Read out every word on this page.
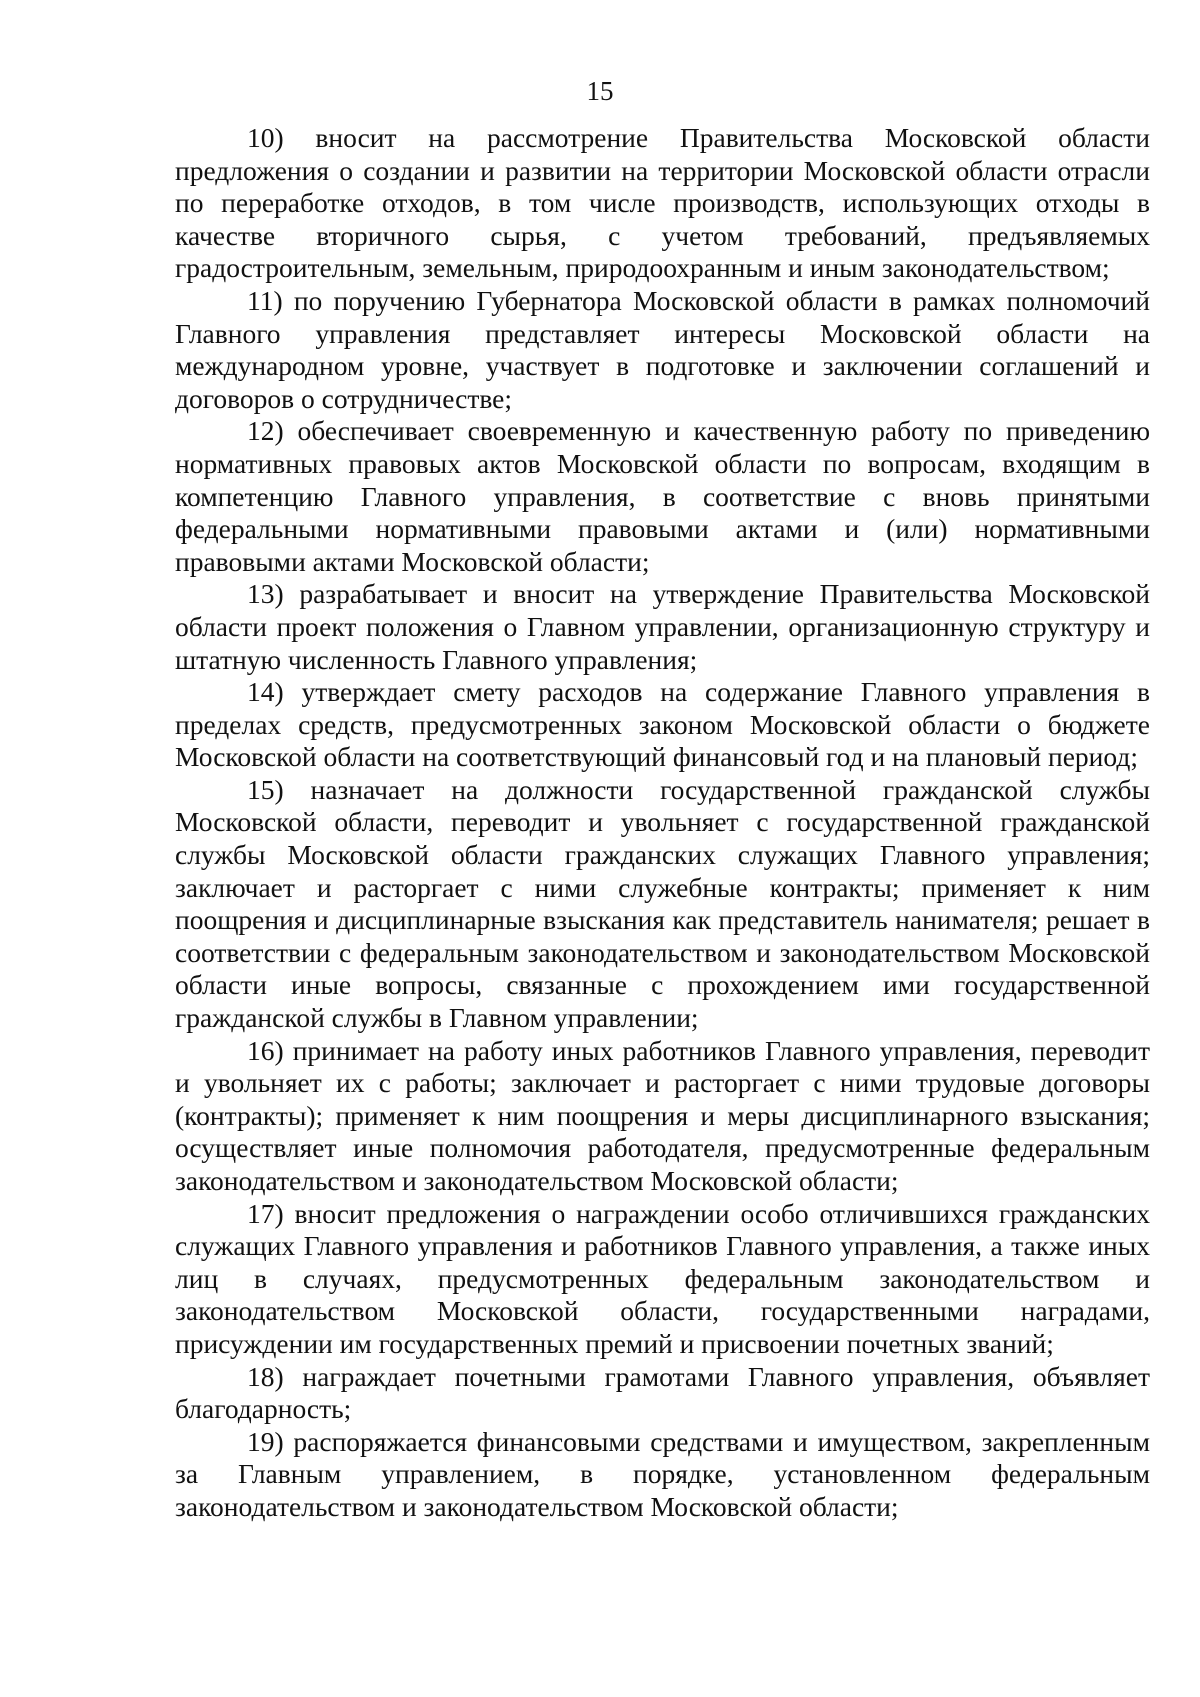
15

10) вносит на рассмотрение Правительства Московской области предложения о создании и развитии на территории Московской области отрасли по переработке отходов, в том числе производств, использующих отходы в качестве вторичного сырья, с учетом требований, предъявляемых градостроительным, земельным, природоохранным и иным законодательством;

11) по поручению Губернатора Московской области в рамках полномочий Главного управления представляет интересы Московской области на международном уровне, участвует в подготовке и заключении соглашений и договоров о сотрудничестве;

12) обеспечивает своевременную и качественную работу по приведению нормативных правовых актов Московской области по вопросам, входящим в компетенцию Главного управления, в соответствие с вновь принятыми федеральными нормативными правовыми актами и (или) нормативными правовыми актами Московской области;

13) разрабатывает и вносит на утверждение Правительства Московской области проект положения о Главном управлении, организационную структуру и штатную численность Главного управления;

14) утверждает смету расходов на содержание Главного управления в пределах средств, предусмотренных законом Московской области о бюджете Московской области на соответствующий финансовый год и на плановый период;

15) назначает на должности государственной гражданской службы Московской области, переводит и увольняет с государственной гражданской службы Московской области гражданских служащих Главного управления; заключает и расторгает с ними служебные контракты; применяет к ним поощрения и дисциплинарные взыскания как представитель нанимателя; решает в соответствии с федеральным законодательством и законодательством Московской области иные вопросы, связанные с прохождением ими государственной гражданской службы в Главном управлении;

16) принимает на работу иных работников Главного управления, переводит и увольняет их с работы; заключает и расторгает с ними трудовые договоры (контракты); применяет к ним поощрения и меры дисциплинарного взыскания; осуществляет иные полномочия работодателя, предусмотренные федеральным законодательством и законодательством Московской области;

17) вносит предложения о награждении особо отличившихся гражданских служащих Главного управления и работников Главного управления, а также иных лиц в случаях, предусмотренных федеральным законодательством и законодательством Московской области, государственными наградами, присуждении им государственных премий и присвоении почетных званий;

18) награждает почетными грамотами Главного управления, объявляет благодарность;

19) распоряжается финансовыми средствами и имуществом, закрепленным за Главным управлением, в порядке, установленном федеральным законодательством и законодательством Московской области;
